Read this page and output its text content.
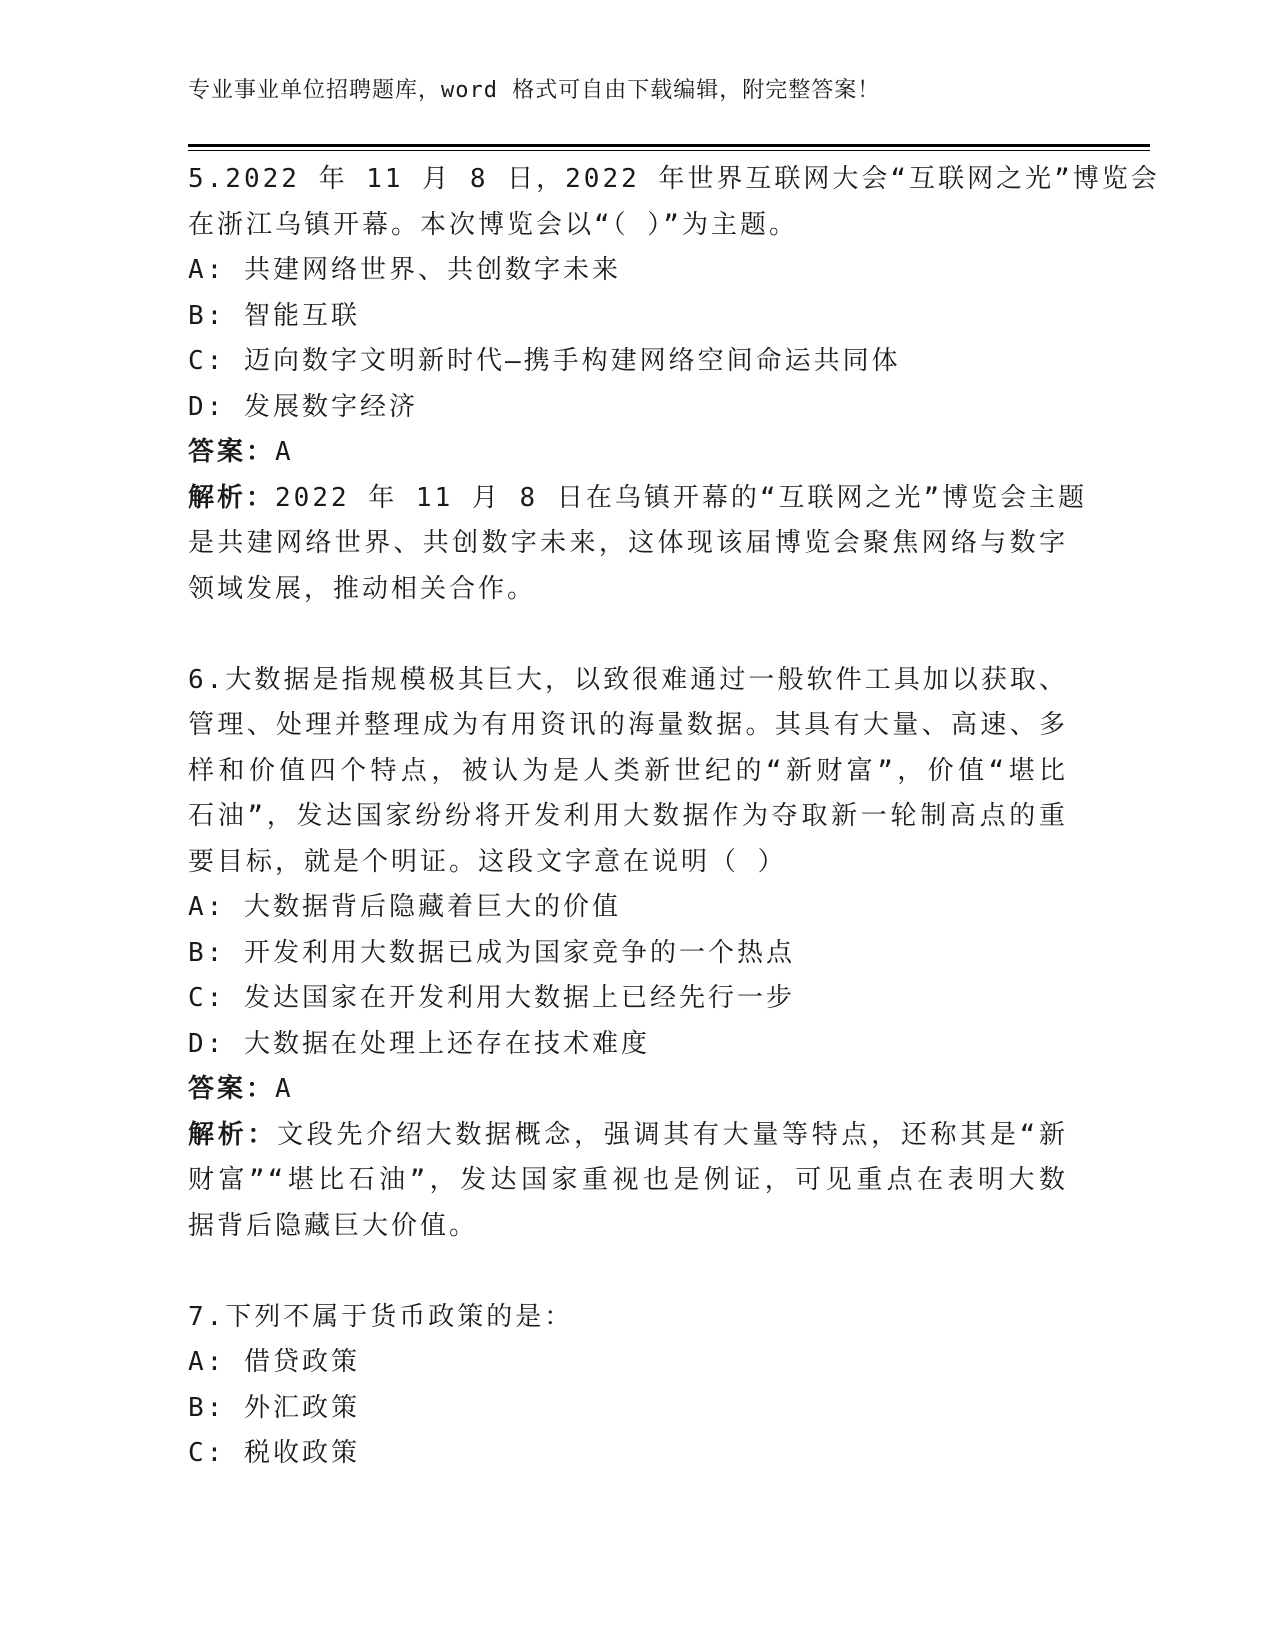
专业事业单位招聘题库，word 格式可自由下载编辑，附完整答案！
5.2022 年 11 月 8 日，2022 年世界互联网大会“互联网之光”博览会
在浙江乌镇开幕。本次博览会以“（ ）”为主题。
A: 共建网络世界、共创数字未来
B: 智能互联
C: 迈向数字文明新时代—携手构建网络空间命运共同体
D: 发展数字经济
答案：A
解析：2022 年 11 月 8 日在乌镇开幕的“互联网之光”博览会主题
是共建网络世界、共创数字未来，这体现该届博览会聚焦网络与数字
领域发展，推动相关合作。
6.大数据是指规模极其巨大，以致很难通过一般软件工具加以获取、
管理、处理并整理成为有用资讯的海量数据。其具有大量、高速、多
样和价值四个特点，被认为是人类新世纪的“新财富”，价值“堪比
石油”，发达国家纷纷将开发利用大数据作为夺取新一轮制高点的重
要目标，就是个明证。这段文字意在说明（ ）
A: 大数据背后隐藏着巨大的价值
B: 开发利用大数据已成为国家竞争的一个热点
C: 发达国家在开发利用大数据上已经先行一步
D: 大数据在处理上还存在技术难度
答案：A
解析：文段先介绍大数据概念，强调其有大量等特点，还称其是“新
财富”“堪比石油”，发达国家重视也是例证，可见重点在表明大数
据背后隐藏巨大价值。
7.下列不属于货币政策的是：
A: 借贷政策
B: 外汇政策
C: 税收政策
